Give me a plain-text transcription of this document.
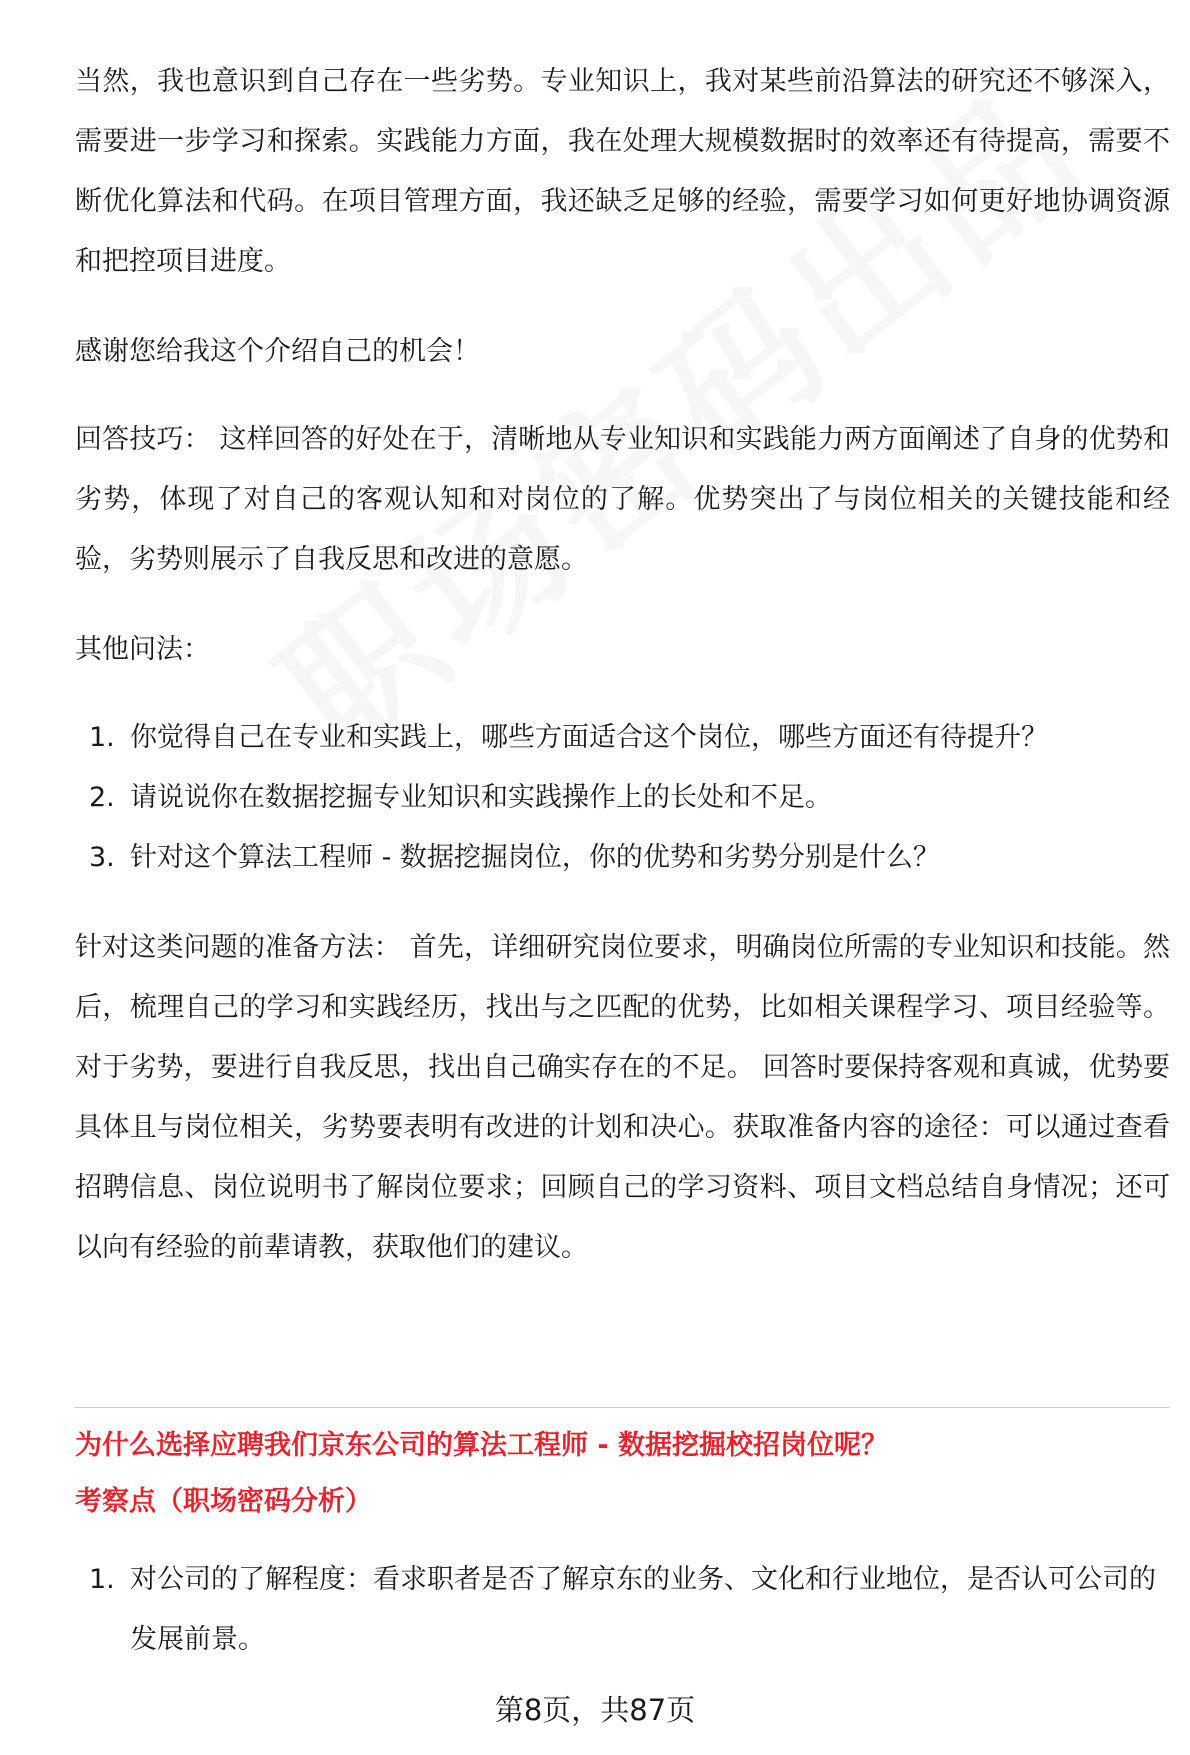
当然，我也意识到自己存在一些劣势。专业知识上，我对某些前沿算法的研究还不够深入，需要进一步学习和探索。实践能力方面，我在处理大规模数据时的效率还有待提高，需要不断优化算法和代码。在项目管理方面，我还缺乏足够的经验，需要学习如何更好地协调资源和把控项目进度。

感谢您给我这个介绍自己的机会！

回答技巧： 这样回答的好处在于，清晰地从专业知识和实践能力两方面阐述了自身的优势和劣势，体现了对自己的客观认知和对岗位的了解。优势突出了与岗位相关的关键技能和经验，劣势则展示了自我反思和改进的意愿。

其他问法：

1. 你觉得自己在专业和实践上，哪些方面适合这个岗位，哪些方面还有待提升？
2. 请说说你在数据挖掘专业知识和实践操作上的长处和不足。
3. 针对这个算法工程师 - 数据挖掘岗位，你的优势和劣势分别是什么？

针对这类问题的准备方法： 首先，详细研究岗位要求，明确岗位所需的专业知识和技能。然后，梳理自己的学习和实践经历，找出与之匹配的优势，比如相关课程学习、项目经验等。对于劣势，要进行自我反思，找出自己确实存在的不足。 回答时要保持客观和真诚，优势要具体且与岗位相关，劣势要表明有改进的计划和决心。获取准备内容的途径：可以通过查看招聘信息、岗位说明书了解岗位要求；回顾自己的学习资料、项目文档总结自身情况；还可以向有经验的前辈请教，获取他们的建议。

为什么选择应聘我们京东公司的算法工程师 - 数据挖掘校招岗位呢？

考察点（职场密码分析）

1. 对公司的了解程度：看求职者是否了解京东的业务、文化和行业地位，是否认可公司的发展前景。
第8页，共87页
